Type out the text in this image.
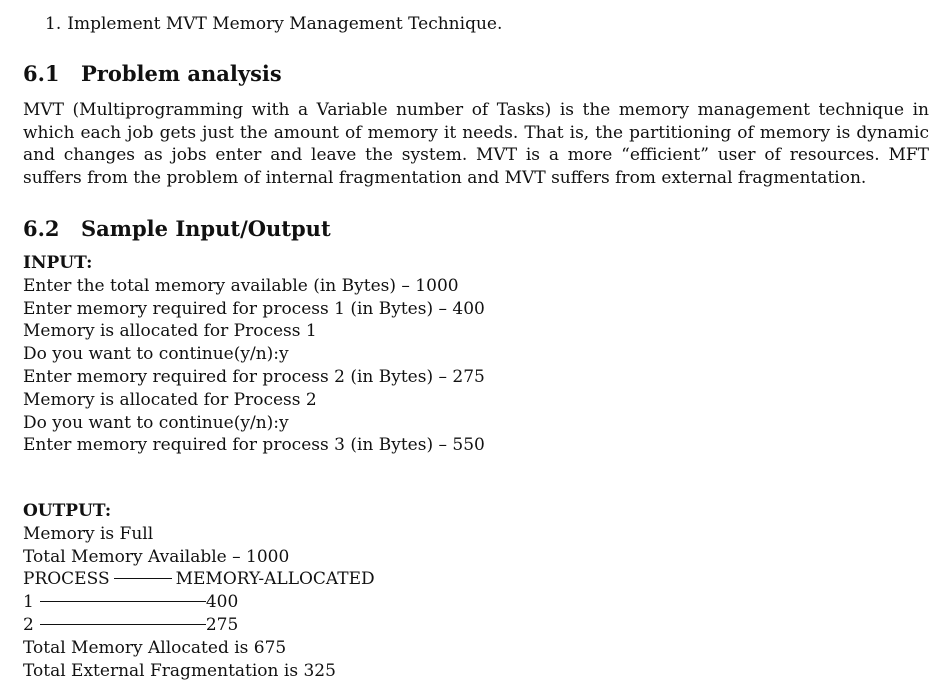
1. Implement MVT Memory Management Technique.
6.1 Problem analysis
MVT (Multiprogramming with a Variable number of Tasks) is the memory management technique in which each job gets just the amount of memory it needs. That is, the partitioning of memory is dynamic and changes as jobs enter and leave the system. MVT is a more “efficient” user of resources. MFT suffers from the problem of internal fragmentation and MVT suffers from external fragmentation.
6.2 Sample Input/Output
INPUT:
Enter the total memory available (in Bytes) – 1000
Enter memory required for process 1 (in Bytes) – 400
Memory is allocated for Process 1
Do you want to continue(y/n):y
Enter memory required for process 2 (in Bytes) – 275
Memory is allocated for Process 2
Do you want to continue(y/n):y
Enter memory required for process 3 (in Bytes) – 550
OUTPUT:
Memory is Full
Total Memory Available – 1000
PROCESS	MEMORY-ALLOCATED
1	400
2	275
Total Memory Allocated is 675
Total External Fragmentation is 325
